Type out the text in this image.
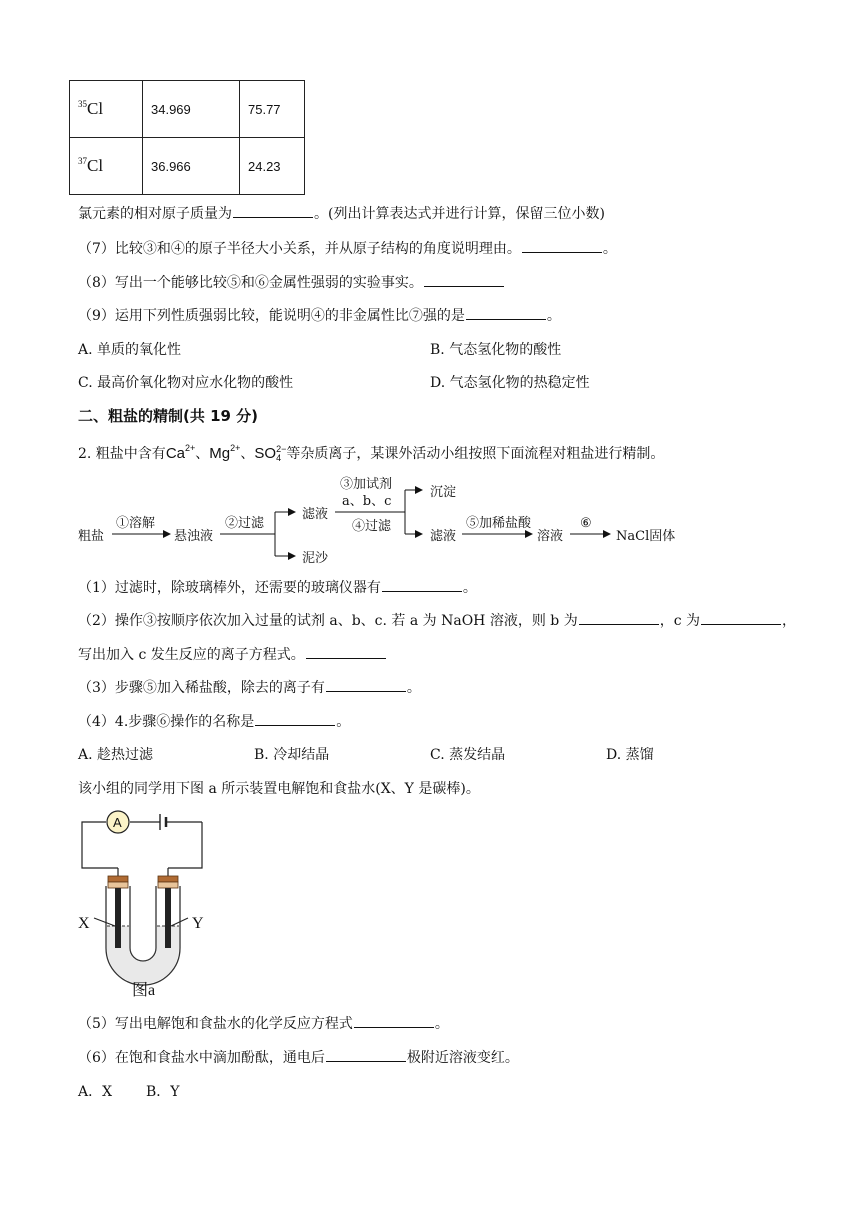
$^{35}$Cl	34.969	75.77
$^{37}$Cl	36.966	24.23
氯元素的相对原子质量为	。(列出计算表达式并进行计算，保留三位小数)
（7）比较③和④的原子半径大小关系，并从原子结构的角度说明理由。	。
（8）写出一个能够比较⑤和⑥金属性强弱的实验事实。
（9）运用下列性质强弱比较，能说明④的非金属性比⑦强的是	。
A. 单质的氧化性	B. 气态氢化物的酸性
C. 最高价氧化物对应水化物的酸性	D. 气态氢化物的热稳定性
二、粗盐的精制(共 19 分)
2. 粗盐中含有$Ca^{2+}$、$Mg^{2+}$、SO 2−
4 等杂质离子，某课外活动小组按照下面流程对粗盐进行精制。
粗盐
①溶解
悬浊液
②过滤
滤液
泥沙
③加试剂
a、b、c
④过滤
沉淀
滤液
⑤加稀盐酸
溶液
⑥
NaCl固体
（1）过滤时，除玻璃棒外，还需要的玻璃仪器有	。
（2）操作③按顺序依次加入过量的试剂 a、b、c. 若 a 为 NaOH 溶液，则 b 为	，c 为	，
写出加入 c 发生反应的离子方程式。
（3）步骤⑤加入稀盐酸，除去的离子有	。
（4）4.步骤⑥操作的名称是	。
A. 趁热过滤	B. 冷却结晶	C. 蒸发结晶	D. 蒸馏
该小组的同学用下图 a 所示装置电解饱和食盐水(X、Y 是碳棒)。
A
X	Y
图a
（5）写出电解饱和食盐水的化学反应方程式	。
（6）在饱和食盐水中滴加酚酞，通电后	极附近溶液变红。
A．X B．Y
